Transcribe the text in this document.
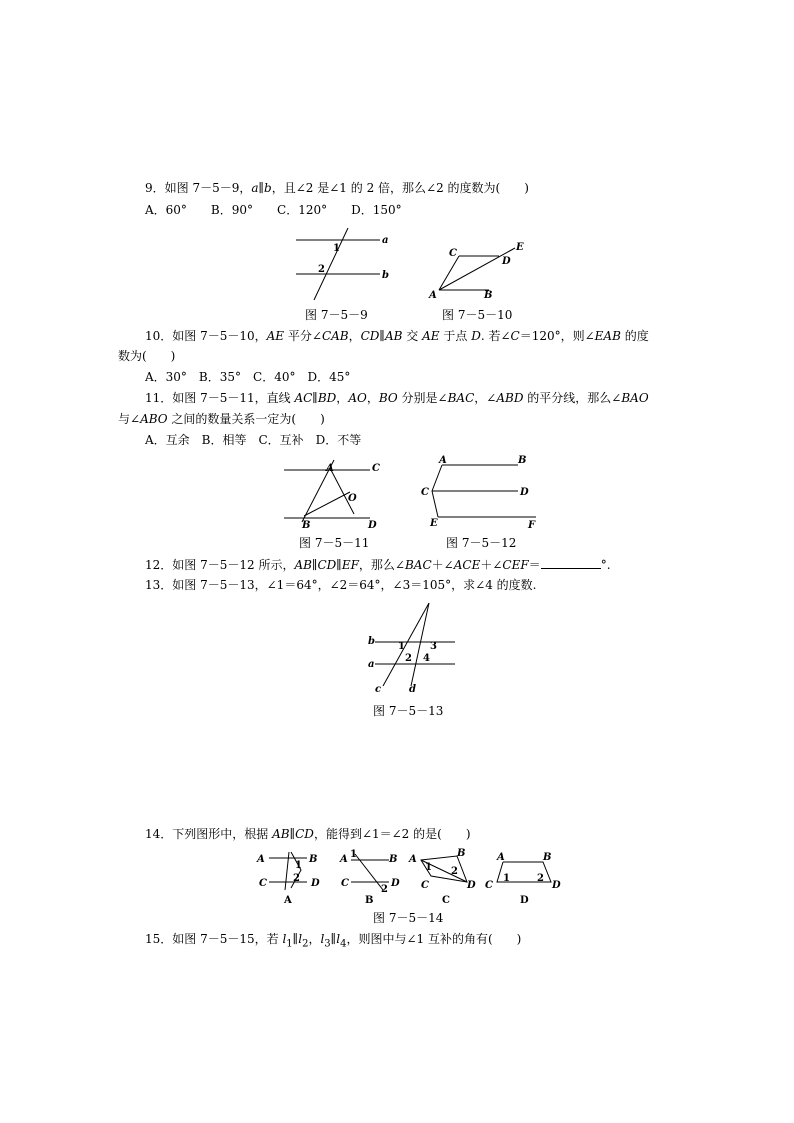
9．如图 7－5－9，a∥b，且∠2 是∠1 的 2 倍，那么∠2 的度数为(　　)
A．60°　　B．90°　　C．120°　　D．150°
1
2
a
b
图 7－5－9
C
E
D
A	B
图 7－5－10
10．如图 7－5－10，AE 平分∠CAB，CD∥AB 交 AE 于点 D. 若∠C＝120°，则∠EAB 的度
数为(　　)
A．30°　B．35°　C．40°　D．45°
11．如图 7－5－11，直线 AC∥BD，AO，BO 分别是∠BAC，∠ABD 的平分线，那么∠BAO
与∠ABO 之间的数量关系一定为(　　)
A．互余　B．相等　C．互补　D．不等
A	C
O
B	D
图 7－5－11
A	B
C	D
E	F
图 7－5－12
12．如图 7－5－12 所示，AB∥CD∥EF，那么∠BAC＋∠ACE＋∠CEF＝	°.
13．如图 7－5－13，∠1＝64°，∠2＝64°，∠3＝105°，求∠4 的度数.
b 1	3
a
2 4
c	d
图 7－5－13
14．下列图形中，根据 AB∥CD，能得到∠1＝∠2 的是(　　)
A	B
C	D
1
2
A
A	B
C	D
1
2
B
A
B
C	D
1 2
C
A	B
C	D
1	2
D
图 7－5－14
15．如图 7－5－15，若 $l_1\parallel l_2$，$l_3\parallel l_4$，则图中与∠1 互补的角有(　　)
